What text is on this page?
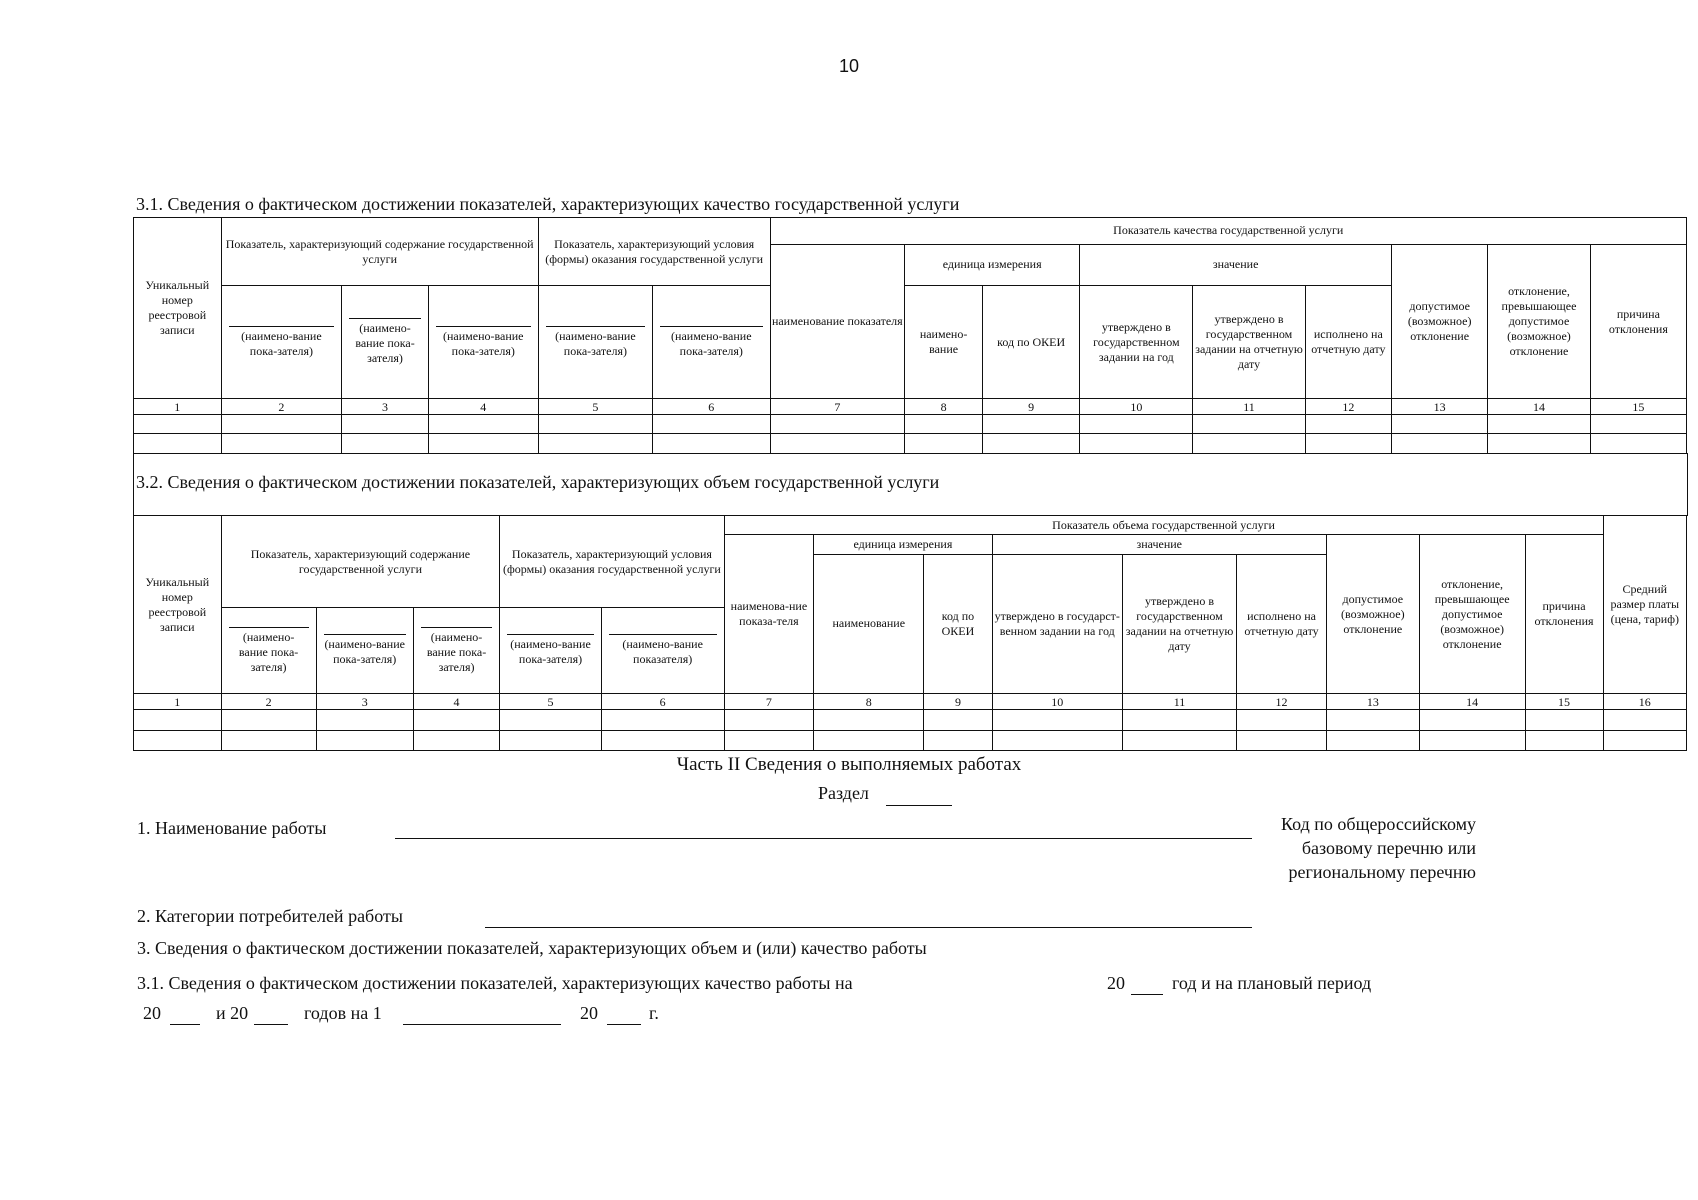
10
3.1. Сведения о фактическом достижении показателей, характеризующих качество государственной услуги
Уникальный номер реестровой записи	Показатель, характеризующий содержание государственной услуги			Показатель, характеризующий условия (формы) оказания государственной услуги		Показатель качества государственной услуги								
						наименование показателя	единица измерения		значение			допустимое (возможное) отклонение	отклонение, превышающее допустимое (возможное) отклонение	причина отклонения

	(наимено-вание пока-зателя)	(наимено-вание пока-зателя)	(наимено-вание пока-зателя)	(наимено-вание пока-зателя)	(наимено-вание пока-зателя)		наимено-вание	код по ОКЕИ	утверждено в государственном задании на год	утверждено в государственном задании на отчетную дату	исполнено на отчетную дату			
1	2	3	4	5	6	7	8	9	10	11	12	13	14	15

3.2. Сведения о фактическом достижении показателей, характеризующих объем государственной услуги
Уникальный номер реестровой записи	Показатель, характеризующий содержание государственной услуги			Показатель, характеризующий условия (формы) оказания государственной услуги		Показатель объема государственной услуги									Средний размер платы (цена, тариф)
						наименова-ние показа-теля	единица измерения		значение			допустимое (возможное) отклонение	отклонение, превышающее допустимое (возможное) отклонение	причина отклонения	
							наименование	код по ОКЕИ	утверждено в государст-венном задании на год	утверждено в государственном задании на отчетную дату	исполнено на отчетную дату				

	(наимено-вание пока-зателя)	(наимено-вание пока-зателя)	(наимено-вание пока-зателя)	(наимено-вание пока-зателя)	(наимено-вание показателя)										

1	2	3	4	5	6	7	8	9	10	11	12	13	14	15	16

Часть II Сведения о выполняемых работах
Раздел
1. Наименование работы	Код по общероссийскому
базовому перечню или
региональному перечню
2. Категории потребителей работы
3. Сведения о фактическом достижении показателей, характеризующих объем и (или) качество работы
3.1. Сведения о фактическом достижении показателей, характеризующих качество работы на	20	год и на плановый период
20	и 20	годов на 1	20	г.
